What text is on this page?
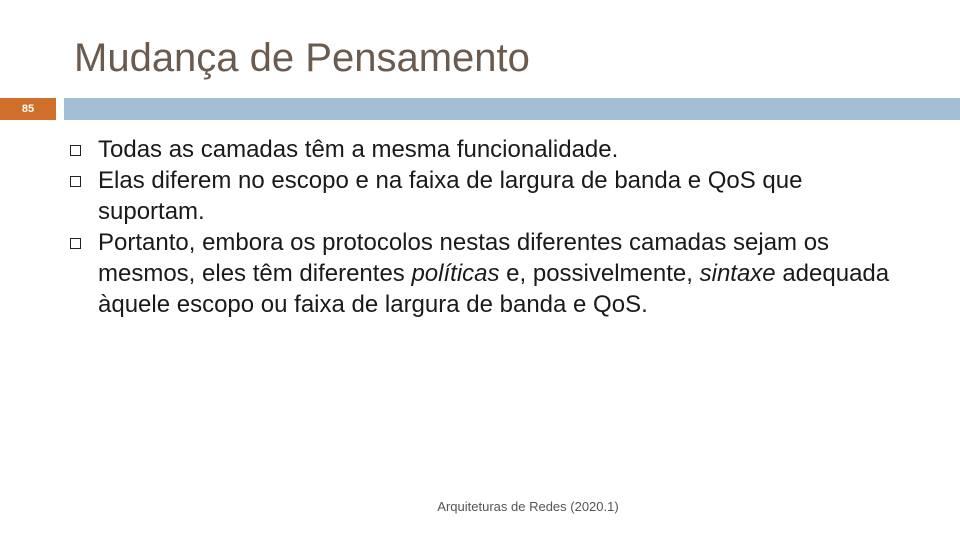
Mudança de Pensamento
85
Todas as camadas têm a mesma funcionalidade.
Elas diferem no escopo e na faixa de largura de banda e QoS que suportam.
Portanto, embora os protocolos nestas diferentes camadas sejam os mesmos, eles têm diferentes políticas e, possivelmente, sintaxe adequada àquele escopo ou faixa de largura de banda e QoS.
Arquiteturas de Redes (2020.1)
